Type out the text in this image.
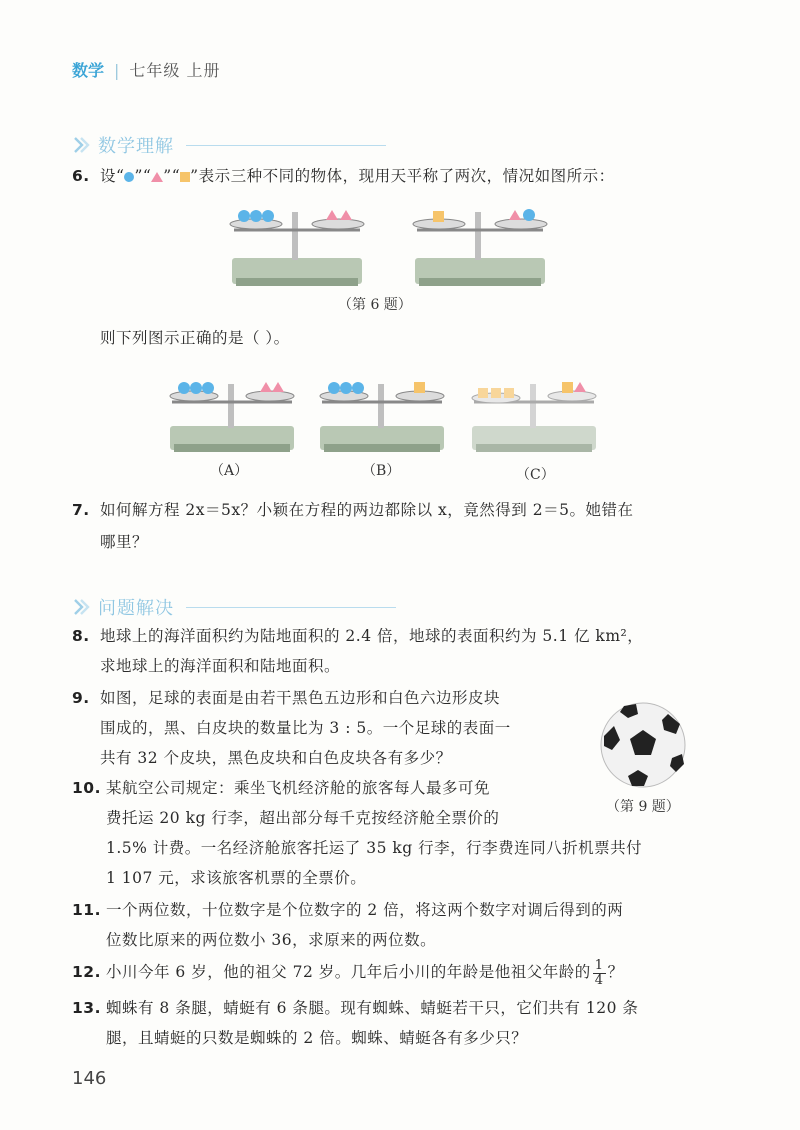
数学 | 七年级 上册
数学理解
6. 设“ ”“ ”“ ”表示三种不同的物体，现用天平称了两次，情况如图所示：
（第 6 题）
则下列图示正确的是（ ）。
（A）	（B）	（C）
7. 如何解方程 2x＝5x？小颖在方程的两边都除以 x，竟然得到 2＝5。她错在
哪里？
问题解决
8. 地球上的海洋面积约为陆地面积的 2.4 倍，地球的表面积约为 5.1 亿 km²，
求地球上的海洋面积和陆地面积。
9. 如图，足球的表面是由若干黑色五边形和白色六边形皮块
围成的，黑、白皮块的数量比为 3 : 5。一个足球的表面一
共有 32 个皮块，黑色皮块和白色皮块各有多少？
（第 9 题）
10. 某航空公司规定：乘坐飞机经济舱的旅客每人最多可免
费托运 20 kg 行李，超出部分每千克按经济舱全票价的
1.5% 计费。一名经济舱旅客托运了 35 kg 行李，行李费连同八折机票共付
1 107 元，求该旅客机票的全票价。
11. 一个两位数，十位数字是个位数字的 2 倍，将这两个数字对调后得到的两
位数比原来的两位数小 36，求原来的两位数。
12. 小川今年 6 岁，他的祖父 72 岁。几年后小川的年龄是他祖父年龄的 $\frac{1}{4}$ ？
13. 蜘蛛有 8 条腿，蜻蜓有 6 条腿。现有蜘蛛、蜻蜓若干只，它们共有 120 条
腿，且蜻蜓的只数是蜘蛛的 2 倍。蜘蛛、蜻蜓各有多少只？
146
